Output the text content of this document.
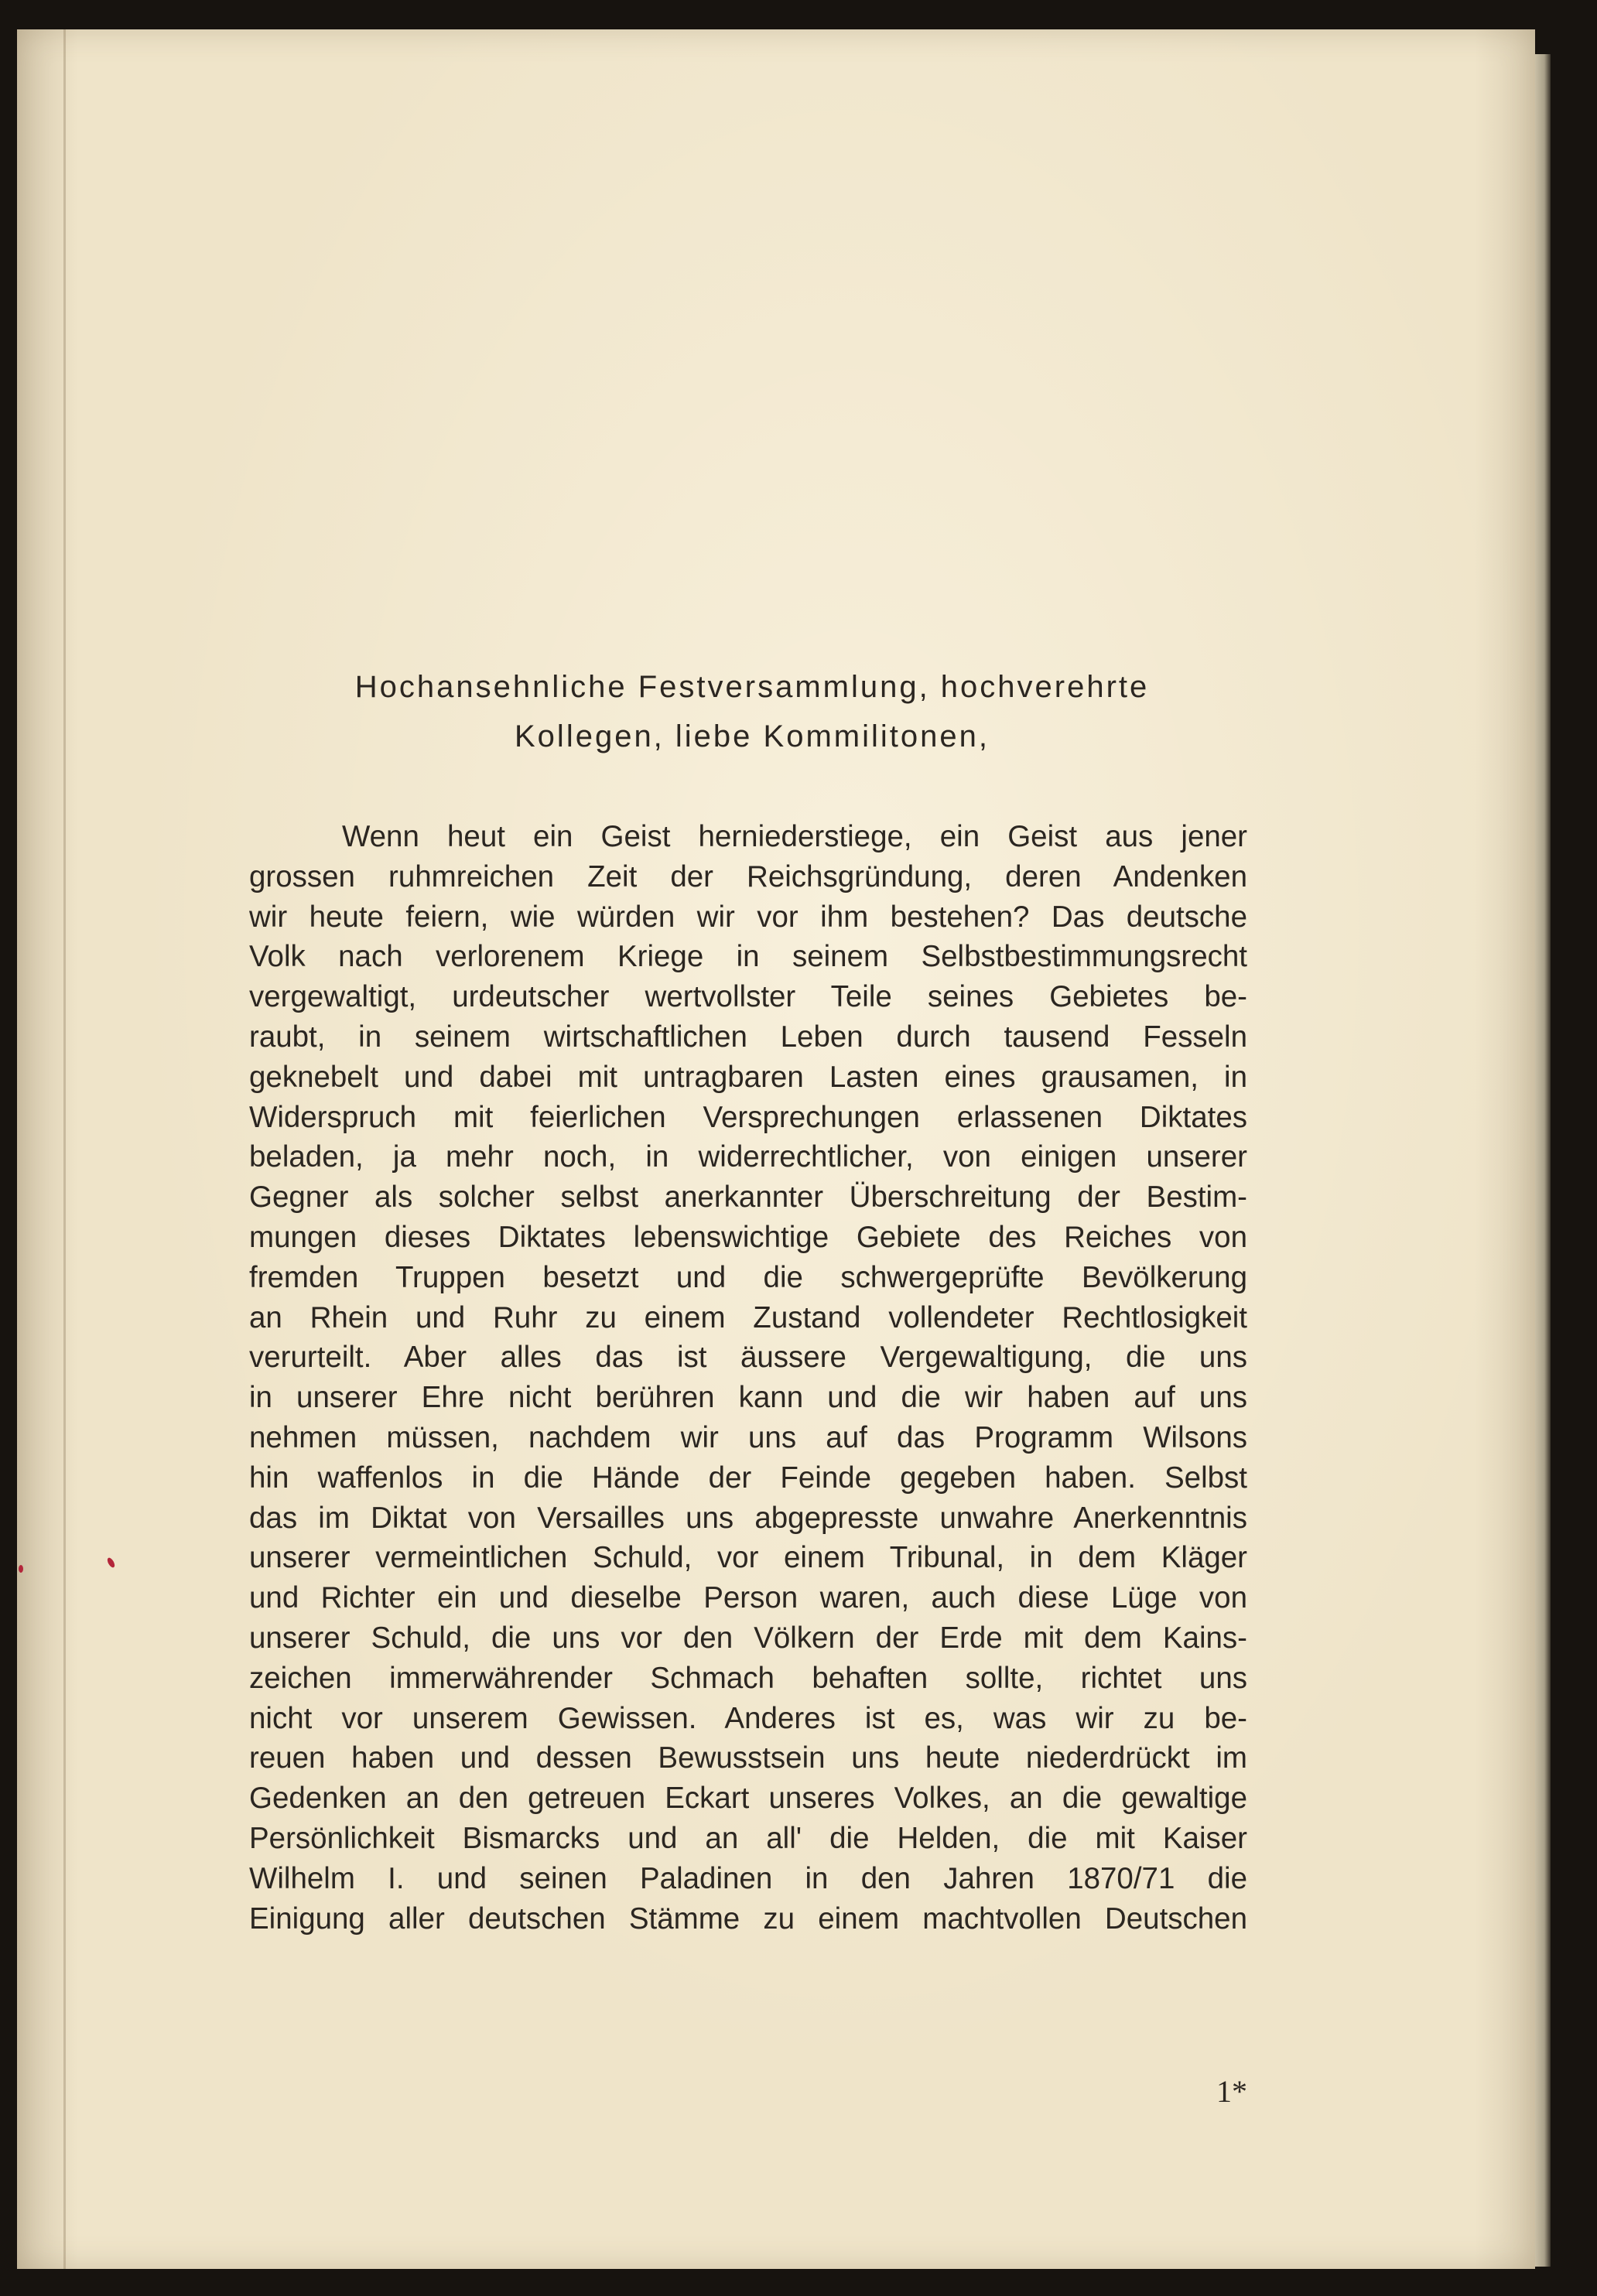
Hochansehnliche Festversammlung, hochverehrte
Kollegen, liebe Kommilitonen,
Wenn heut ein Geist herniederstiege, ein Geist aus jener
grossen ruhmreichen Zeit der Reichsgründung, deren Andenken
wir heute feiern, wie würden wir vor ihm bestehen? Das deutsche
Volk nach verlorenem Kriege in seinem Selbstbestimmungsrecht
vergewaltigt, urdeutscher wertvollster Teile seines Gebietes be-
raubt, in seinem wirtschaftlichen Leben durch tausend Fesseln
geknebelt und dabei mit untragbaren Lasten eines grausamen, in
Widerspruch mit feierlichen Versprechungen erlassenen Diktates
beladen, ja mehr noch, in widerrechtlicher, von einigen unserer
Gegner als solcher selbst anerkannter Überschreitung der Bestim-
mungen dieses Diktates lebenswichtige Gebiete des Reiches von
fremden Truppen besetzt und die schwergeprüfte Bevölkerung
an Rhein und Ruhr zu einem Zustand vollendeter Rechtlosigkeit
verurteilt. Aber alles das ist äussere Vergewaltigung, die uns
in unserer Ehre nicht berühren kann und die wir haben auf uns
nehmen müssen, nachdem wir uns auf das Programm Wilsons
hin waffenlos in die Hände der Feinde gegeben haben. Selbst
das im Diktat von Versailles uns abgepresste unwahre Anerkenntnis
unserer vermeintlichen Schuld, vor einem Tribunal, in dem Kläger
und Richter ein und dieselbe Person waren, auch diese Lüge von
unserer Schuld, die uns vor den Völkern der Erde mit dem Kains-
zeichen immerwährender Schmach behaften sollte, richtet uns
nicht vor unserem Gewissen. Anderes ist es, was wir zu be-
reuen haben und dessen Bewusstsein uns heute niederdrückt im
Gedenken an den getreuen Eckart unseres Volkes, an die gewaltige
Persönlichkeit Bismarcks und an all' die Helden, die mit Kaiser
Wilhelm I. und seinen Paladinen in den Jahren 1870/71 die
Einigung aller deutschen Stämme zu einem machtvollen Deutschen
1*
